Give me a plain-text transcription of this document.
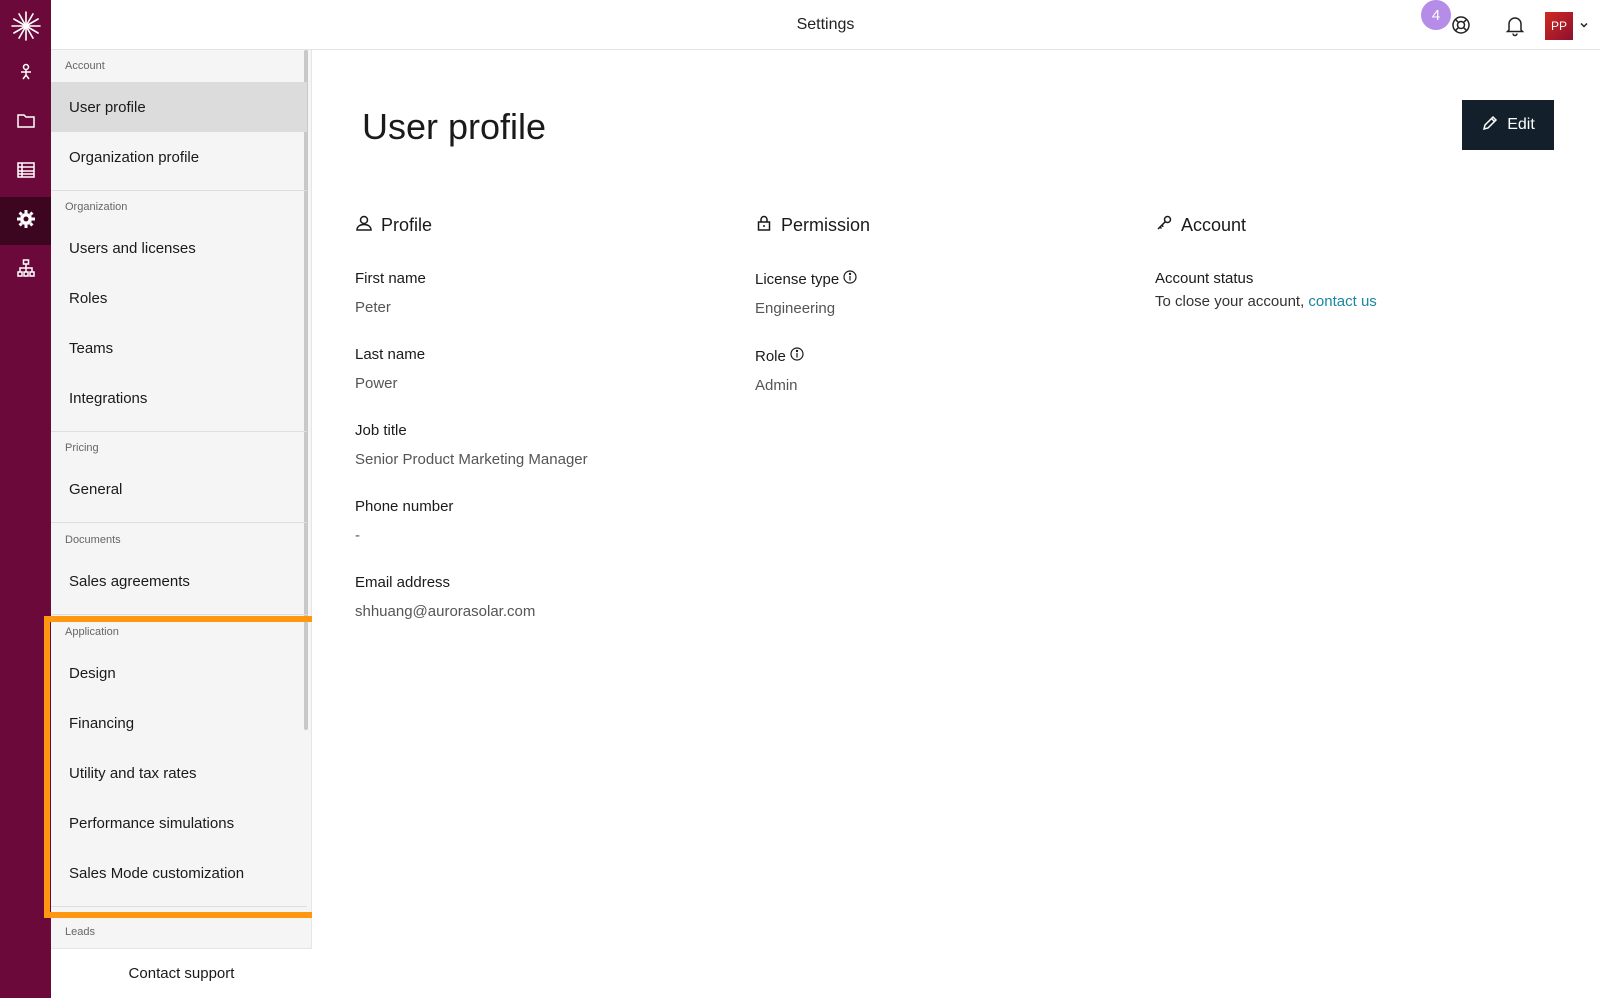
Settings
4
PP
Account
User profile
Organization profile
Organization
Users and licenses
Roles
Teams
Integrations
Pricing
General
Documents
Sales agreements
Application
Design
Financing
Utility and tax rates
Performance simulations
Sales Mode customization
Leads
Contact support
User profile	Edit
Profile
First name
Peter
Last name
Power
Job title
Senior Product Marketing Manager
Phone number
-
Email address
shhuang@aurorasolar.com
Permission
License type
Engineering
Role
Admin
Account
Account status
To close your account, contact us
